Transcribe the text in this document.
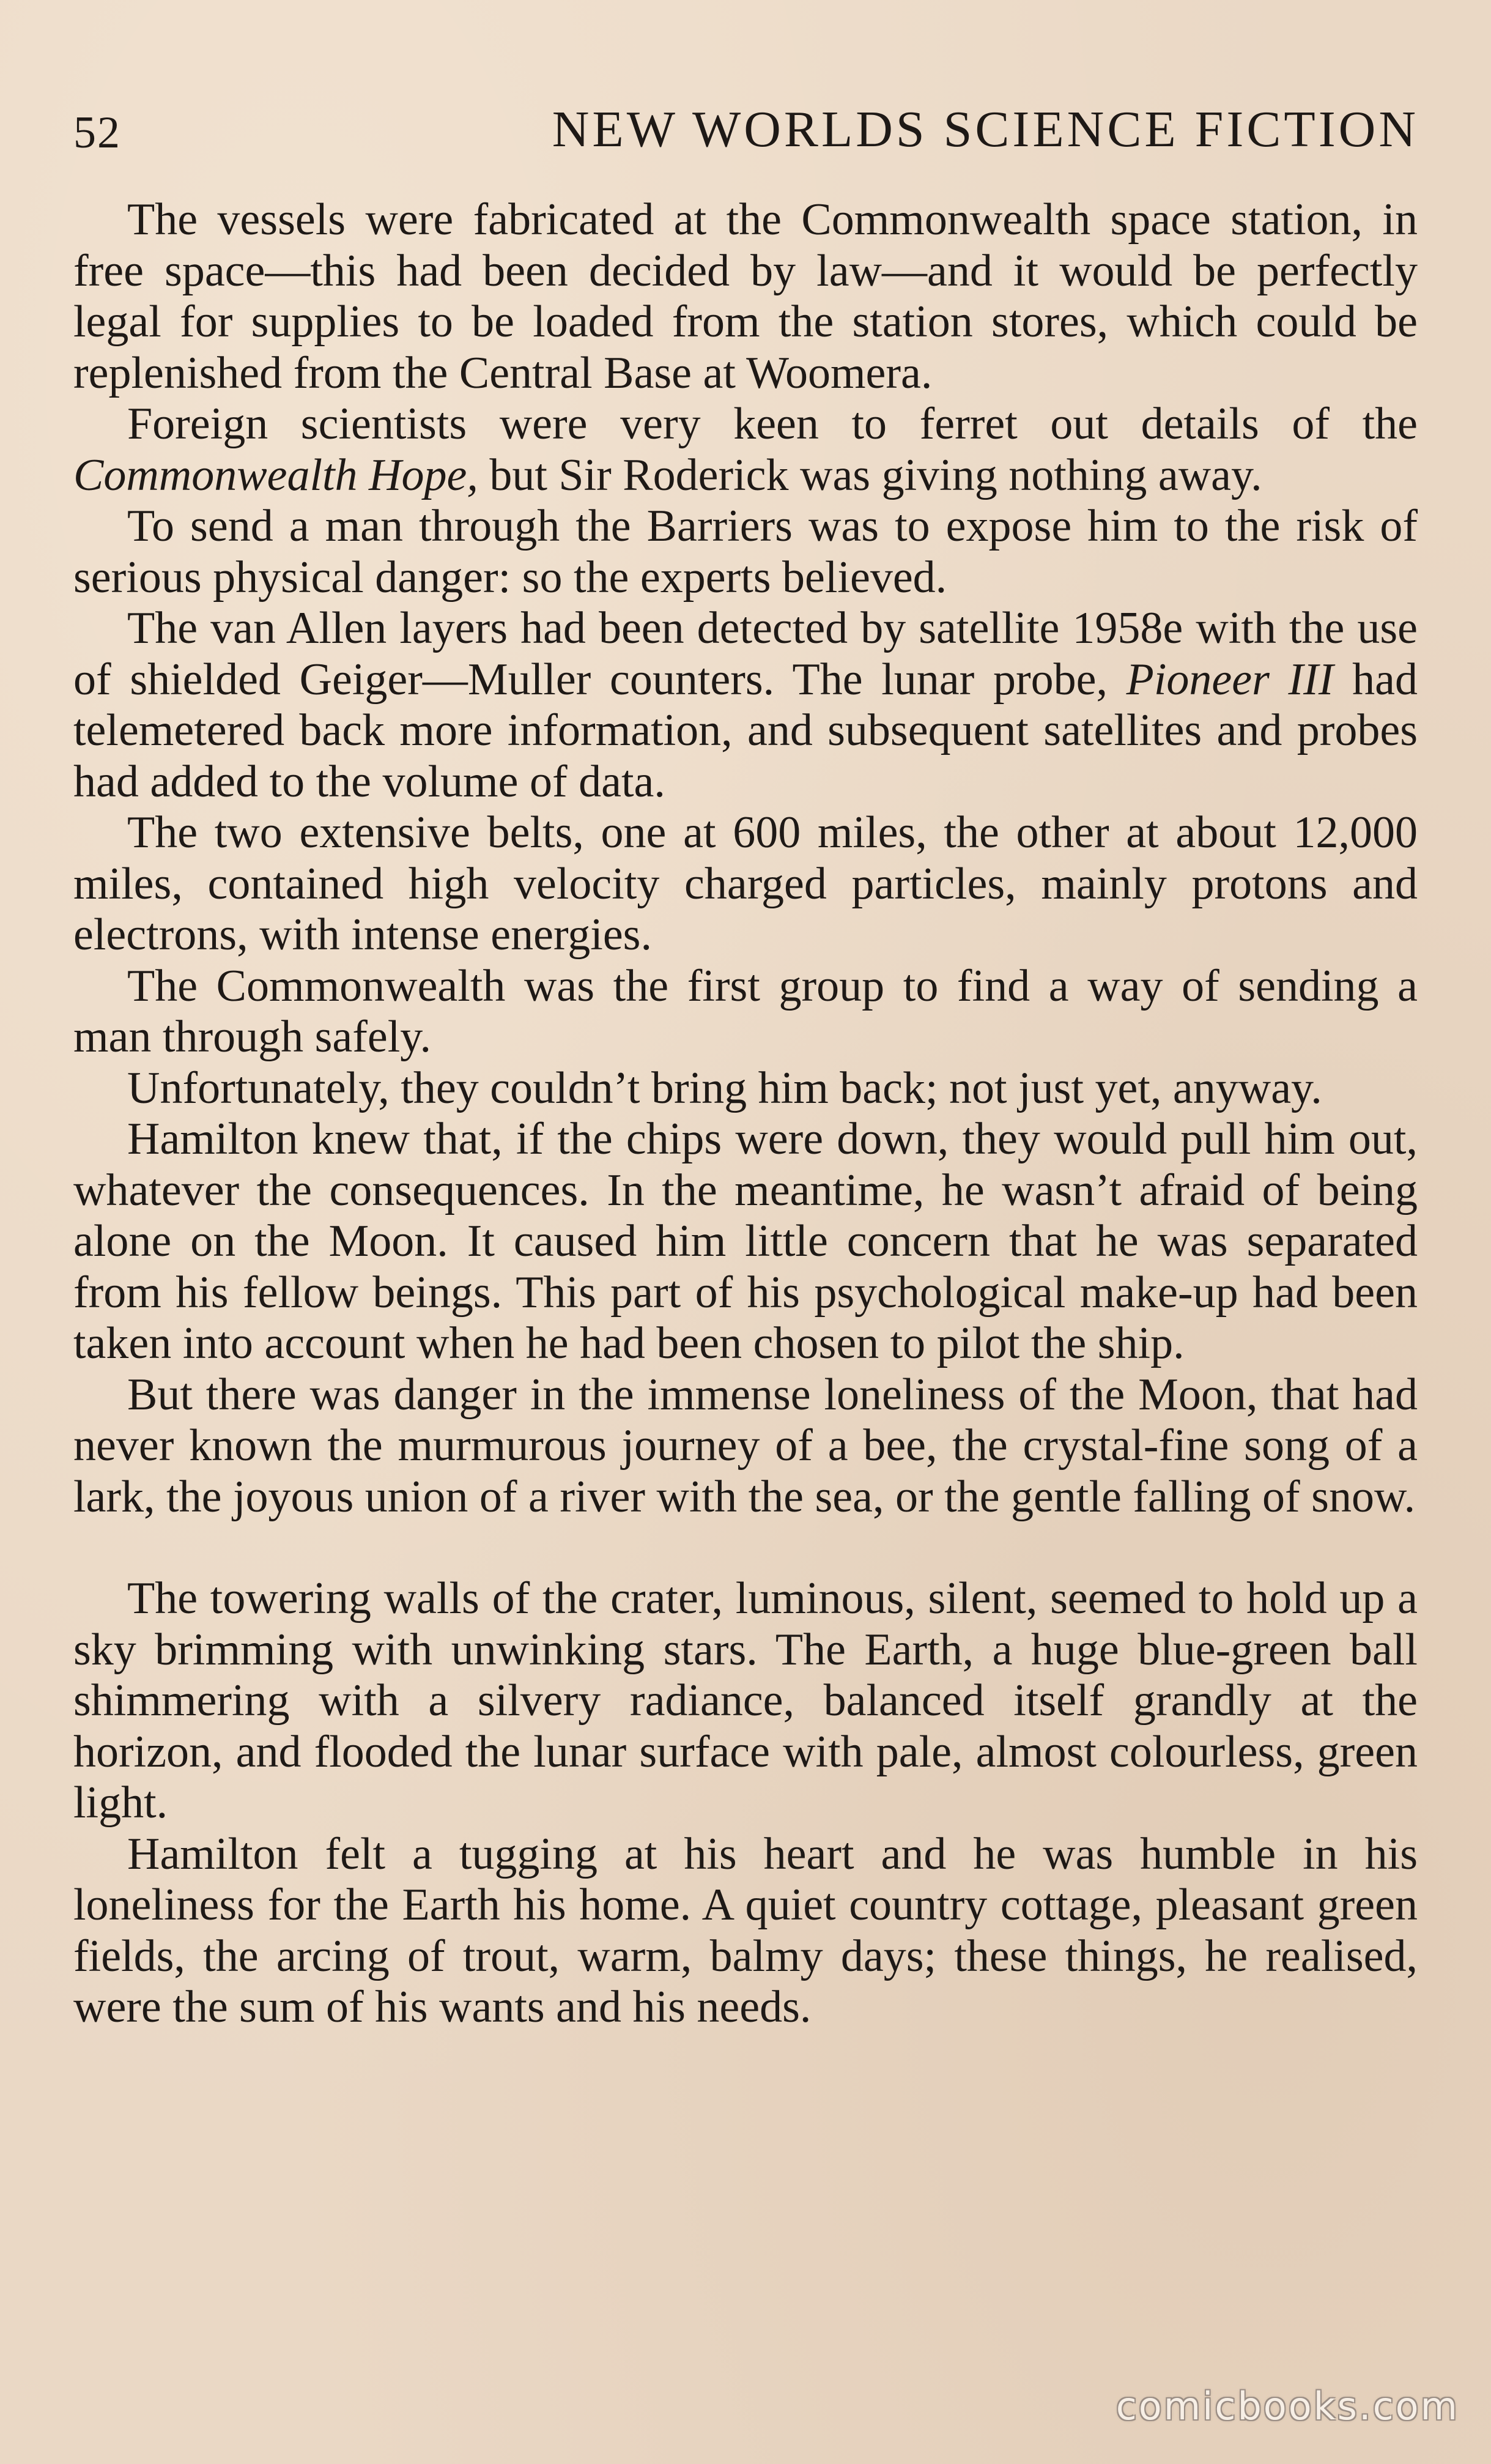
52	NEW WORLDS SCIENCE FICTION

The vessels were fabricated at the Commonwealth space station, in free space—this had been decided by law—and it would be perfectly legal for supplies to be loaded from the station stores, which could be replenished from the Central Base at Woomera.

Foreign scientists were very keen to ferret out details of the Commonwealth Hope, but Sir Roderick was giving nothing away.

To send a man through the Barriers was to expose him to the risk of serious physical danger: so the experts believed.

The van Allen layers had been detected by satellite 1958e with the use of shielded Geiger—Muller counters. The lunar probe, Pioneer III had telemetered back more information, and subsequent satellites and probes had added to the volume of data.

The two extensive belts, one at 600 miles, the other at about 12,000 miles, contained high velocity charged particles, mainly protons and electrons, with intense energies.

The Commonwealth was the first group to find a way of sending a man through safely.

Unfortunately, they couldn’t bring him back; not just yet, anyway.

Hamilton knew that, if the chips were down, they would pull him out, whatever the consequences. In the meantime, he wasn’t afraid of being alone on the Moon. It caused him little concern that he was separated from his fellow beings. This part of his psychological make-up had been taken into account when he had been chosen to pilot the ship.

But there was danger in the immense loneliness of the Moon, that had never known the murmurous journey of a bee, the crystal-fine song of a lark, the joyous union of a river with the sea, or the gentle falling of snow.

The towering walls of the crater, luminous, silent, seemed to hold up a sky brimming with unwinking stars. The Earth, a huge blue-green ball shimmering with a silvery radiance, balanced itself grandly at the horizon, and flooded the lunar surface with pale, almost colourless, green light.

Hamilton felt a tugging at his heart and he was humble in his loneliness for the Earth his home. A quiet country cottage, pleasant green fields, the arcing of trout, warm, balmy days; these things, he realised, were the sum of his wants and his needs.

comicbooks.com
